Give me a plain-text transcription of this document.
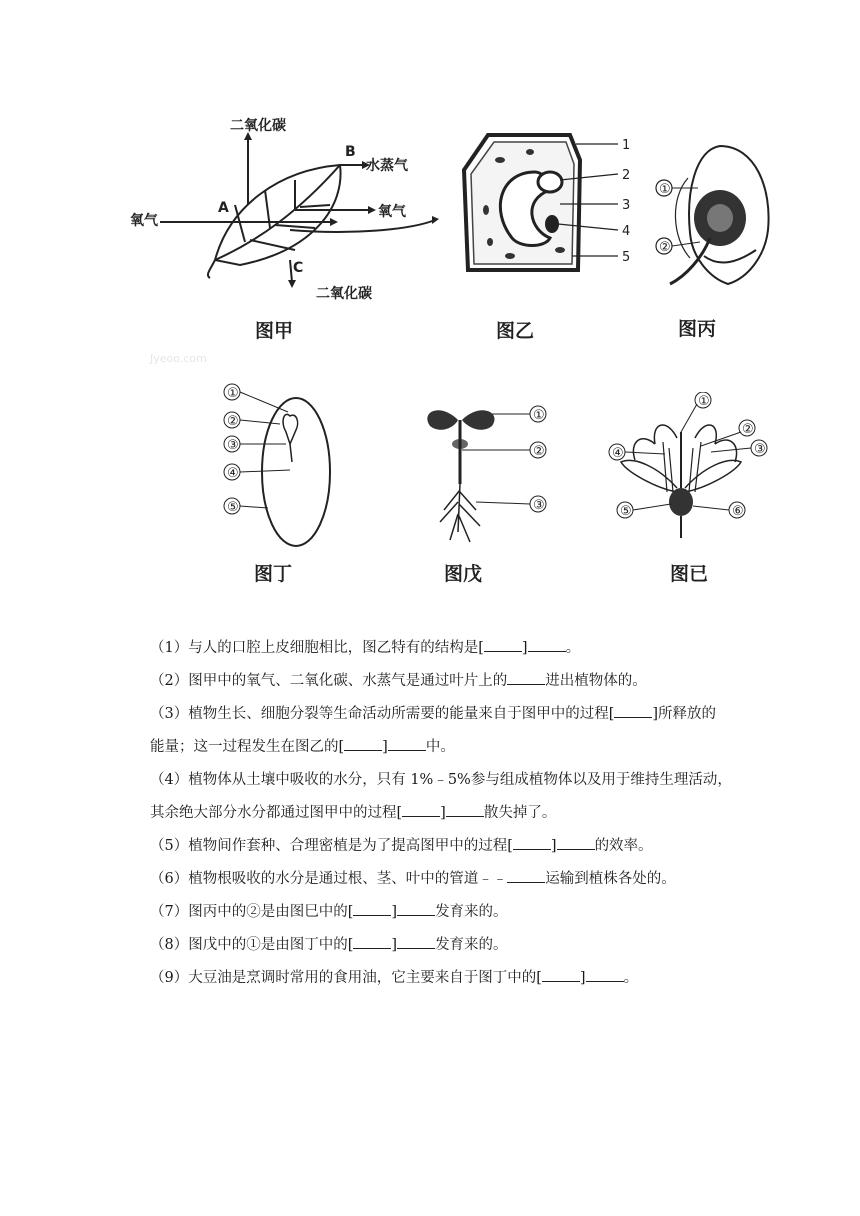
二氧化碳
B
水蒸气
A
氧气
氧气
C
二氧化碳
图甲
1
2
3
4
5
图乙
①
②
图丙
①
②
③
④
⑤
图丁
①
②
③
图戊
①
②
③
④
⑤	⑥
图已
Jyeoo.com
（1）与人的口腔上皮细胞相比，图乙特有的结构是[	]	。
（2）图甲中的氧气、二氧化碳、水蒸气是通过叶片上的	进出植物体的。
（3）植物生长、细胞分裂等生命活动所需要的能量来自于图甲中的过程[	]所释放的
能量；这一过程发生在图乙的[	]	中。
（4）植物体从土壤中吸收的水分，只有 1%﹣5%参与组成植物体以及用于维持生理活动，
其余绝大部分水分都通过图甲中的过程[	]	散失掉了。
（5）植物间作套种、合理密植是为了提高图甲中的过程[	]	的效率。
（6）植物根吸收的水分是通过根、茎、叶中的管道﹣﹣	运输到植株各处的。
（7）图丙中的②是由图巳中的[	]	发育来的。
（8）图戊中的①是由图丁中的[	]	发育来的。
（9）大豆油是烹调时常用的食用油，它主要来自于图丁中的[	]	。
